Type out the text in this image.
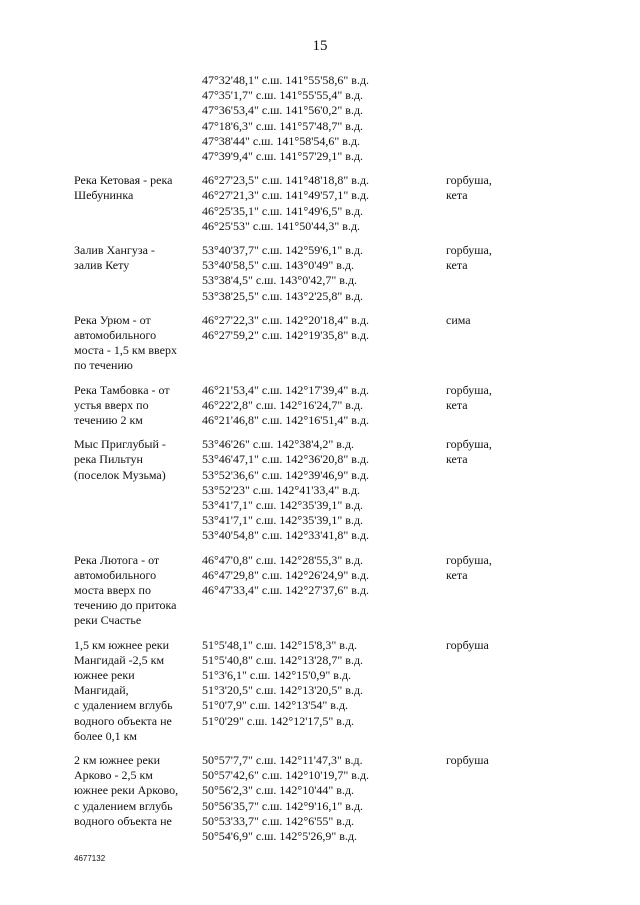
15
47°32'48,1" с.ш. 141°55'58,6" в.д.
47°35'1,7" с.ш. 141°55'55,4" в.д.
47°36'53,4" с.ш. 141°56'0,2" в.д.
47°18'6,3" с.ш. 141°57'48,7" в.д.
47°38'44" с.ш. 141°58'54,6" в.д.
47°39'9,4" с.ш. 141°57'29,1" в.д.
Река Кетовая - река
Шебунинка
46°27'23,5" с.ш. 141°48'18,8" в.д.
46°27'21,3" с.ш. 141°49'57,1" в.д.
46°25'35,1" с.ш. 141°49'6,5" в.д.
46°25'53" с.ш. 141°50'44,3" в.д.
горбуша,
кета
Залив Хангуза -
залив Кету
53°40'37,7" с.ш. 142°59'6,1" в.д.
53°40'58,5" с.ш. 143°0'49" в.д.
53°38'4,5" с.ш. 143°0'42,7" в.д.
53°38'25,5" с.ш. 143°2'25,8" в.д.
горбуша,
кета
Река Урюм - от
автомобильного
моста - 1,5 км вверх
по течению
46°27'22,3" с.ш. 142°20'18,4" в.д.
46°27'59,2" с.ш. 142°19'35,8" в.д.
сима
Река Тамбовка - от
устья вверх по
течению 2 км
46°21'53,4" с.ш. 142°17'39,4" в.д.
46°22'2,8" с.ш. 142°16'24,7" в.д.
46°21'46,8" с.ш. 142°16'51,4" в.д.
горбуша,
кета
Мыс Приглубый -
река Пильтун
(поселок Музьма)
53°46'26" с.ш. 142°38'4,2" в.д.
53°46'47,1" с.ш. 142°36'20,8" в.д.
53°52'36,6" с.ш. 142°39'46,9" в.д.
53°52'23" с.ш. 142°41'33,4" в.д.
53°41'7,1" с.ш. 142°35'39,1" в.д.
53°41'7,1" с.ш. 142°35'39,1" в.д.
53°40'54,8" с.ш. 142°33'41,8" в.д.
горбуша,
кета
Река Лютога - от
автомобильного
моста вверх по
течению до притока
реки Счастье
46°47'0,8" с.ш. 142°28'55,3" в.д.
46°47'29,8" с.ш. 142°26'24,9" в.д.
46°47'33,4" с.ш. 142°27'37,6" в.д.
горбуша,
кета
1,5 км южнее реки
Мангидай -2,5 км
южнее реки
Мангидай,
с удалением вглубь
водного объекта не
более 0,1 км
51°5'48,1" с.ш. 142°15'8,3" в.д.
51°5'40,8" с.ш. 142°13'28,7" в.д.
51°3'6,1" с.ш. 142°15'0,9" в.д.
51°3'20,5" с.ш. 142°13'20,5" в.д.
51°0'7,9" с.ш. 142°13'54" в.д.
51°0'29" с.ш. 142°12'17,5" в.д.
горбуша
2 км южнее реки
Арково - 2,5 км
южнее реки Арково,
с удалением вглубь
водного объекта не
50°57'7,7" с.ш. 142°11'47,3" в.д.
50°57'42,6" с.ш. 142°10'19,7" в.д.
50°56'2,3" с.ш. 142°10'44" в.д.
50°56'35,7" с.ш. 142°9'16,1" в.д.
50°53'33,7" с.ш. 142°6'55" в.д.
50°54'6,9" с.ш. 142°5'26,9" в.д.
горбуша
4677132
